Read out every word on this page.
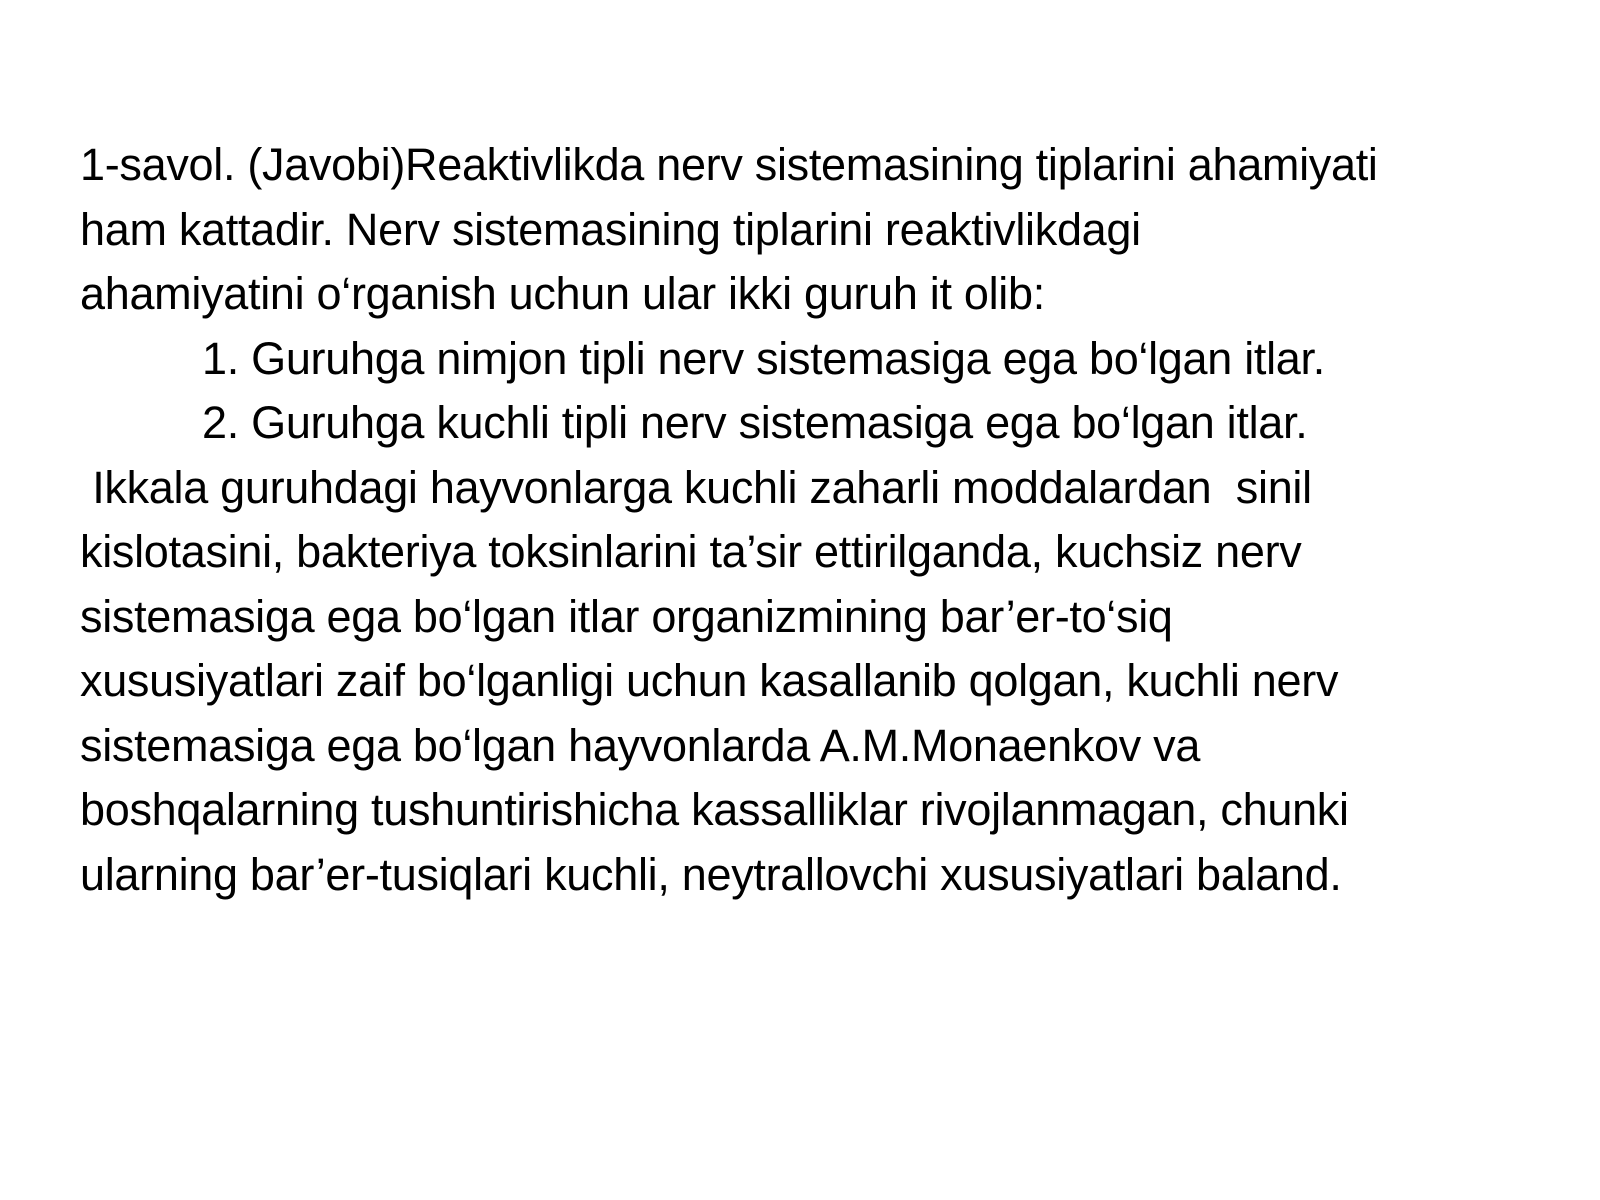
1-savol. (Javobi)Reaktivlikda nerv sistemasining tiplarini ahamiyati
ham kattadir. Nerv sistemasining tiplarini reaktivlikdagi
ahamiyatini o‘rganish uchun ular ikki guruh it olib:
1. Guruhga nimjon tipli nerv sistemasiga ega bo‘lgan itlar.
2. Guruhga kuchli tipli nerv sistemasiga ega bo‘lgan itlar.
Ikkala guruhdagi hayvonlarga kuchli zaharli moddalardan  sinil
kislotasini, bakteriya toksinlarini ta’sir ettirilganda, kuchsiz nerv
sistemasiga ega bo‘lgan itlar organizmining bar’er-to‘siq
xususiyatlari zaif bo‘lganligi uchun kasallanib qolgan, kuchli nerv
sistemasiga ega bo‘lgan hayvonlarda A.M.Monaenkov va
boshqalarning tushuntirishicha kassalliklar rivojlanmagan, chunki
ularning bar’er-tusiqlari kuchli, neytrallovchi xususiyatlari baland.
